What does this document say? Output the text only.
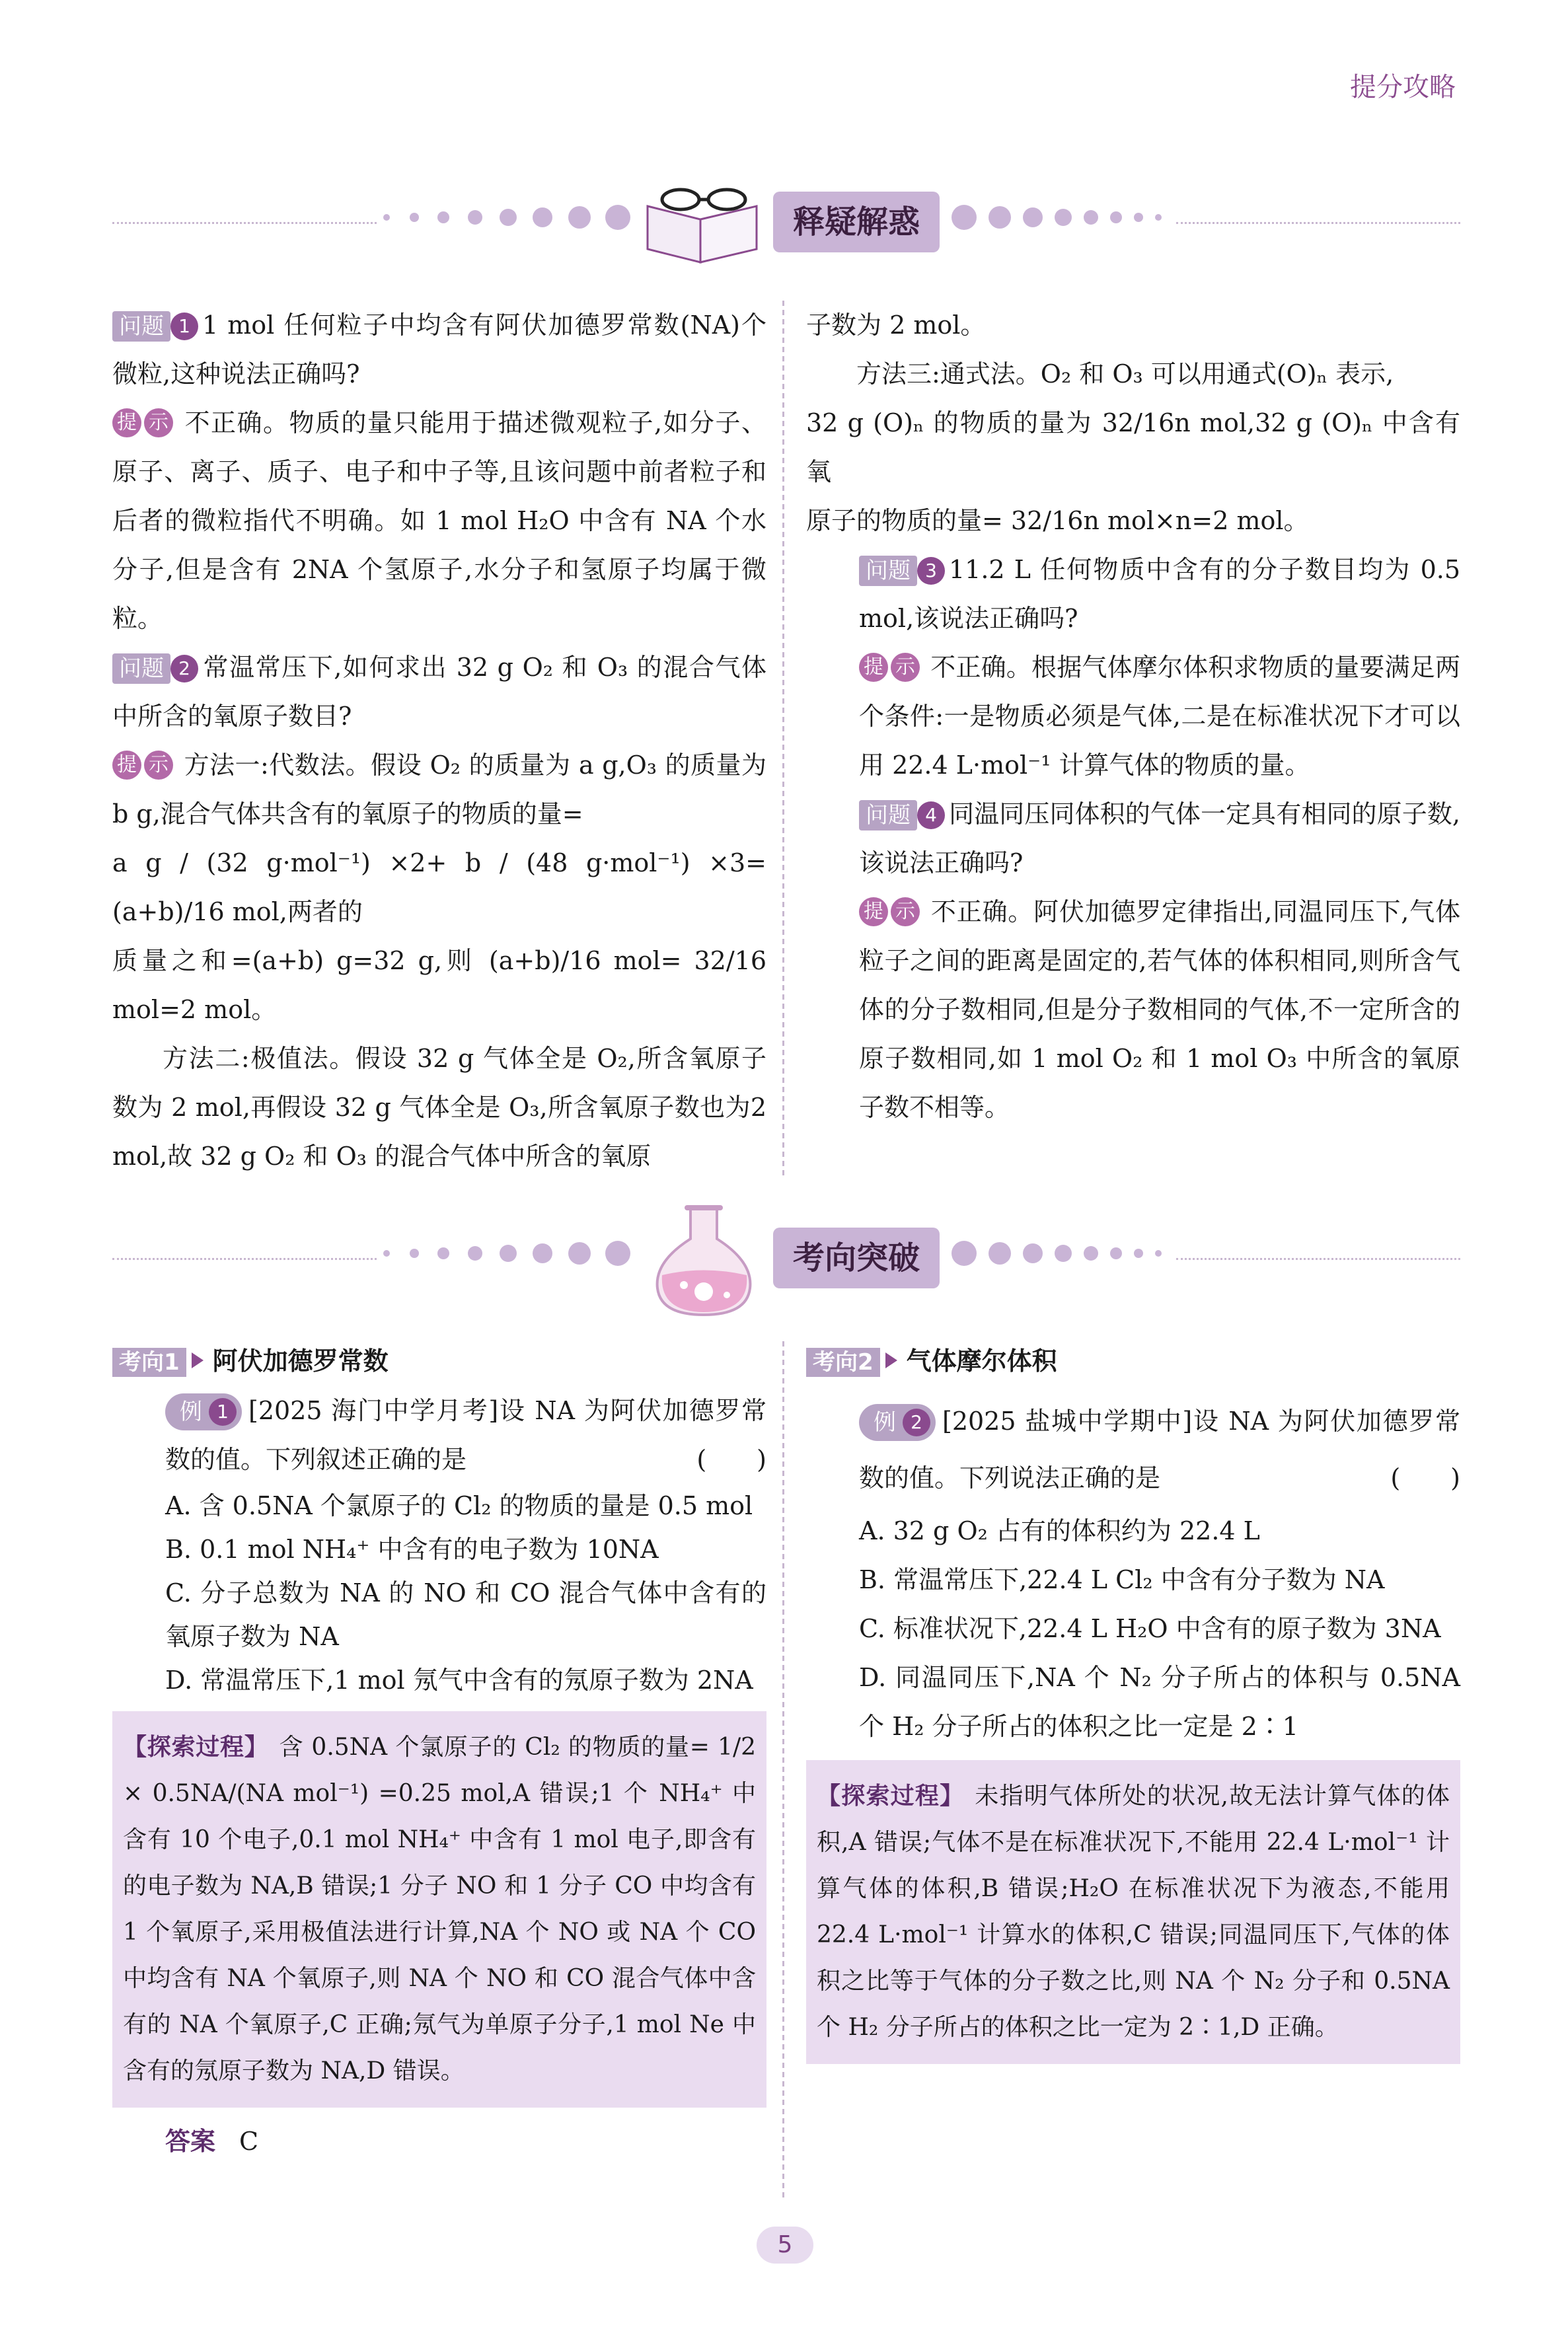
提分攻略
释疑解惑

问题 1 1 mol 任何粒子中均含有阿伏加德罗常数(NA)个微粒,这种说法正确吗?

提 示 不正确。物质的量只能用于描述微观粒子,如分子、原子、离子、质子、电子和中子等,且该问题中前者粒子和后者的微粒指代不明确。如 1 mol H₂O 中含有 NA 个水分子,但是含有 2NA 个氢原子,水分子和氢原子均属于微粒。

问题 2 常温常压下,如何求出 32 g O₂ 和 O₃ 的混合气体中所含的氧原子数目?

提 示 方法一:代数法。假设 O₂ 的质量为 a g,O₃ 的质量为 b g,混合气体共含有的氧原子的物质的量=

a g / (32 g·mol⁻¹) ×2+ b / (48 g·mol⁻¹) ×3= (a+b)/16 mol,两者的

质量之和=(a+b) g=32 g,则 (a+b)/16 mol= 32/16 mol=2 mol。

方法二:极值法。假设 32 g 气体全是 O₂,所含氧原子数为 2 mol,再假设 32 g 气体全是 O₃,所含氧原子数也为2 mol,故 32 g O₂ 和 O₃ 的混合气体中所含的氧原

子数为 2 mol。

方法三:通式法。O₂ 和 O₃ 可以用通式(O)ₙ 表示,

32 g (O)ₙ 的物质的量为 32/16n mol,32 g (O)ₙ 中含有氧

原子的物质的量= 32/16n mol×n=2 mol。

问题 3 11.2 L 任何物质中含有的分子数目均为 0.5 mol,该说法正确吗?

提 示 不正确。根据气体摩尔体积求物质的量要满足两个条件:一是物质必须是气体,二是在标准状况下才可以用 22.4 L·mol⁻¹ 计算气体的物质的量。

问题 4 同温同压同体积的气体一定具有相同的原子数,该说法正确吗?

提 示 不正确。阿伏加德罗定律指出,同温同压下,气体粒子之间的距离是固定的,若气体的体积相同,则所含气体的分子数相同,但是分子数相同的气体,不一定所含的原子数相同,如 1 mol O₂ 和 1 mol O₃ 中所含的氧原子数不相等。

考向突破
考向1 阿伏加德罗常数

例 1 [2025 海门中学月考]设 NA 为阿伏加德罗常数的值。下列叙述正确的是	(　　)

A. 含 0.5NA 个氯原子的 Cl₂ 的物质的量是 0.5 mol

B. 0.1 mol NH₄⁺ 中含有的电子数为 10NA

C. 分子总数为 NA 的 NO 和 CO 混合气体中含有的氧原子数为 NA

D. 常温常压下,1 mol 氖气中含有的氖原子数为 2NA

【探索过程】 含 0.5NA 个氯原子的 Cl₂ 的物质的量= 1/2 × 0.5NA/(NA mol⁻¹) =0.25 mol,A 错误;1 个 NH₄⁺ 中含有 10 个电子,0.1 mol NH₄⁺ 中含有 1 mol 电子,即含有的电子数为 NA,B 错误;1 分子 NO 和 1 分子 CO 中均含有 1 个氧原子,采用极值法进行计算,NA 个 NO 或 NA 个 CO 中均含有 NA 个氧原子,则 NA 个 NO 和 CO 混合气体中含有的 NA 个氧原子,C 正确;氖气为单原子分子,1 mol Ne 中含有的氖原子数为 NA,D 错误。
答案 C
考向2 气体摩尔体积

例 2 [2025 盐城中学期中]设 NA 为阿伏加德罗常数的值。下列说法正确的是	(　　)

A. 32 g O₂ 占有的体积约为 22.4 L

B. 常温常压下,22.4 L Cl₂ 中含有分子数为 NA

C. 标准状况下,22.4 L H₂O 中含有的原子数为 3NA

D. 同温同压下,NA 个 N₂ 分子所占的体积与 0.5NA 个 H₂ 分子所占的体积之比一定是 2∶1

【探索过程】 未指明气体所处的状况,故无法计算气体的体积,A 错误;气体不是在标准状况下,不能用 22.4 L·mol⁻¹ 计算气体的体积,B 错误;H₂O 在标准状况下为液态,不能用 22.4 L·mol⁻¹ 计算水的体积,C 错误;同温同压下,气体的体积之比等于气体的分子数之比,则 NA 个 N₂ 分子和 0.5NA 个 H₂ 分子所占的体积之比一定为 2∶1,D 正确。
5
